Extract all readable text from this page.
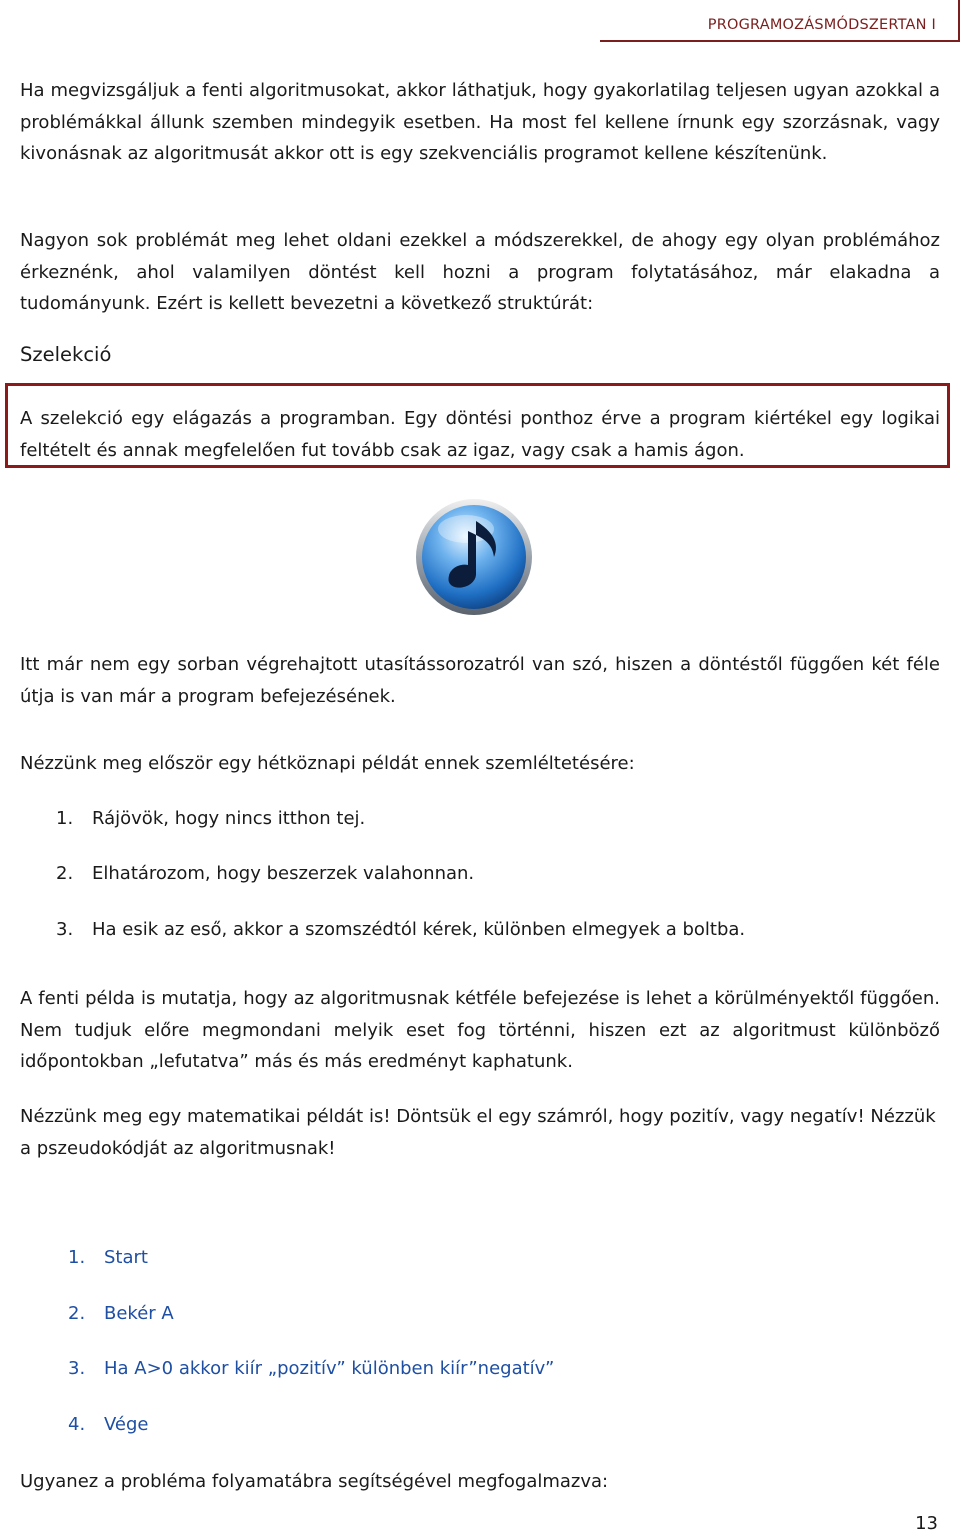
PROGRAMOZÁSMÓDSZERTAN I

Ha megvizsgáljuk a fenti algoritmusokat, akkor láthatjuk, hogy gyakorlatilag teljesen ugyan azokkal a problémákkal állunk szemben mindegyik esetben. Ha most fel kellene írnunk egy szorzásnak, vagy kivonásnak az algoritmusát akkor ott is egy szekvenciális programot kellene készítenünk.

Nagyon sok problémát meg lehet oldani ezekkel a módszerekkel, de ahogy egy olyan problémához érkeznénk, ahol valamilyen döntést kell hozni a program folytatásához, már elakadna a tudományunk. Ezért is kellett bevezetni a következő struktúrát:

Szelekció

A szelekció egy elágazás a programban. Egy döntési ponthoz érve a program kiértékel egy logikai feltételt és annak megfelelően fut tovább csak az igaz, vagy csak a hamis ágon.

Itt már nem egy sorban végrehajtott utasítássorozatról van szó, hiszen a döntéstől függően két féle útja is van már a program befejezésének.

Nézzünk meg először egy hétköznapi példát ennek szemléltetésére:

1. Rájövök, hogy nincs itthon tej.
2. Elhatározom, hogy beszerzek valahonnan.
3. Ha esik az eső, akkor a szomszédtól kérek, különben elmegyek a boltba.

A fenti példa is mutatja, hogy az algoritmusnak kétféle befejezése is lehet a körülményektől függően. Nem tudjuk előre megmondani melyik eset fog történni, hiszen ezt az algoritmust különböző időpontokban „lefutatva” más és más eredményt kaphatunk.

Nézzünk meg egy matematikai példát is! Döntsük el egy számról, hogy pozitív, vagy negatív! Nézzük a pszeudokódját az algoritmusnak!

1. Start
2. Bekér A
3. Ha A>0 akkor kiír „pozitív” különben kiír”negatív”
4. Vége

Ugyanez a probléma folyamatábra segítségével megfogalmazva:

13
